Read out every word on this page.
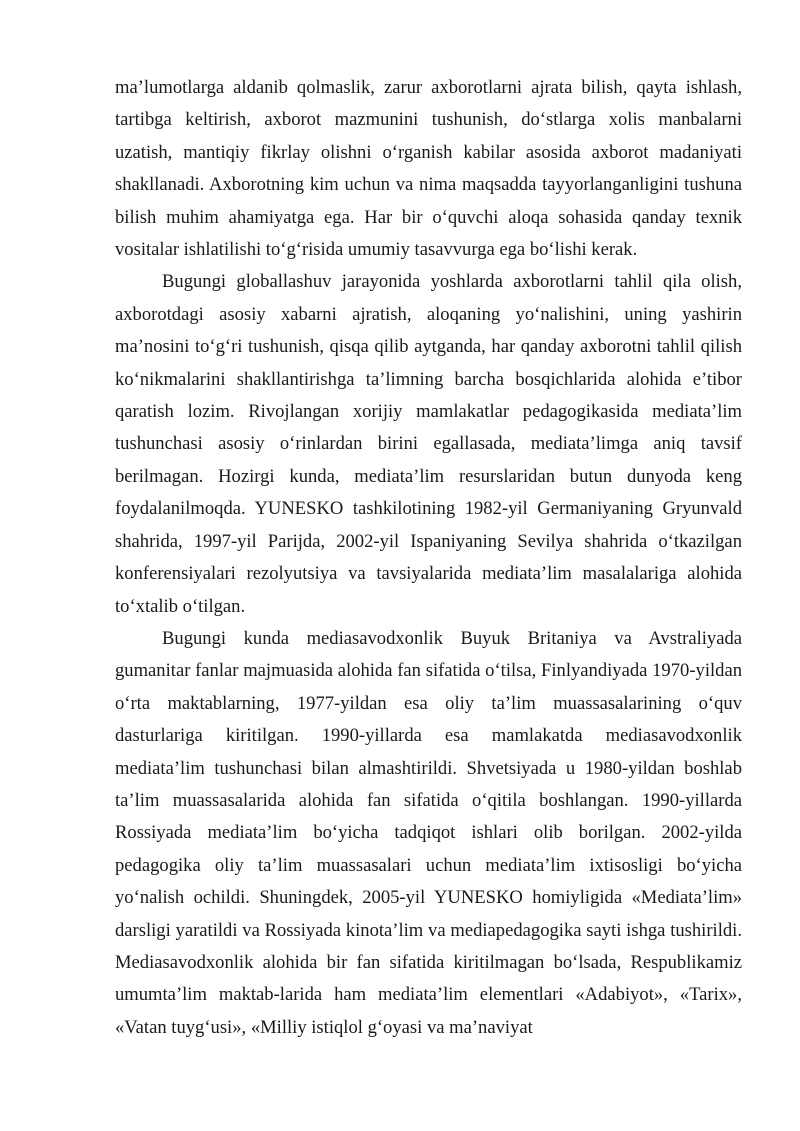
ma’lumotlarga aldanib qolmaslik, zarur axborotlarni ajrata bilish, qayta ishlash, tartibga keltirish, axborot mazmunini tushunish, do‘stlarga xolis manbalarni uzatish, mantiqiy fikrlay olishni o‘rganish kabilar asosida axborot madaniyati shakllanadi. Axborotning kim uchun va nima maqsadda tayyorlanganligini tushuna bilish muhim ahamiyatga ega. Har bir o‘quvchi aloqa sohasida qanday texnik vositalar ishlatilishi to‘g‘risida umumiy tasavvurga ega bo‘lishi kerak.

Bugungi globallashuv jarayonida yoshlarda axborotlarni tahlil qila olish, axborotdagi asosiy xabarni ajratish, aloqaning yo‘nalishini, uning yashirin ma’nosini to‘g‘ri tushunish, qisqa qilib aytganda, har qanday axborotni tahlil qilish ko‘nikmalarini shakllantirishga ta’limning barcha bosqichlarida alohida e’tibor qaratish lozim. Rivojlangan xorijiy mamlakatlar pedagogikasida mediata’lim tushunchasi asosiy o‘rinlardan birini egallasada, mediata’limga aniq tavsif berilmagan. Hozirgi kunda, mediata’lim resurslaridan butun dunyoda keng foydalanilmoqda. YUNESKO tashkilotining 1982-yil Germaniyaning Gryunvald shahrida, 1997-yil Parijda, 2002-yil Ispaniyaning Sevilya shahrida o‘tkazilgan konferensiyalari rezolyutsiya va tavsiyalarida mediata’lim masalalariga alohida to‘xtalib o‘tilgan.

Bugungi kunda mediasavodxonlik Buyuk Britaniya va Avstraliyada gumanitar fanlar majmuasida alohida fan sifatida o‘tilsa, Finlyandiyada 1970-yildan o‘rta maktablarning, 1977-yildan esa oliy ta’lim muassasalarining o‘quv dasturlariga kiritilgan. 1990-yillarda esa mamlakatda mediasavodxonlik mediata’lim tushunchasi bilan almashtirildi. Shvetsiyada u 1980-yildan boshlab ta’lim muassasalarida alohida fan sifatida o‘qitila boshlangan. 1990-yillarda Rossiyada mediata’lim bo‘yicha tadqiqot ishlari olib borilgan. 2002-yilda pedagogika oliy ta’lim muassasalari uchun mediata’lim ixtisosligi bo‘yicha yo‘nalish ochildi. Shuningdek, 2005-yil YUNESKO homiyligida «Mediata’lim» darsligi yaratildi va Rossiyada kinota’lim va mediapedagogika sayti ishga tushirildi. Mediasavodxonlik alohida bir fan sifatida kiritilmagan bo‘lsada, Respublikamiz umumta’lim maktab-larida ham mediata’lim elementlari «Adabiyot», «Tarix», «Vatan tuyg‘usi», «Milliy istiqlol g‘oyasi va ma’naviyat
